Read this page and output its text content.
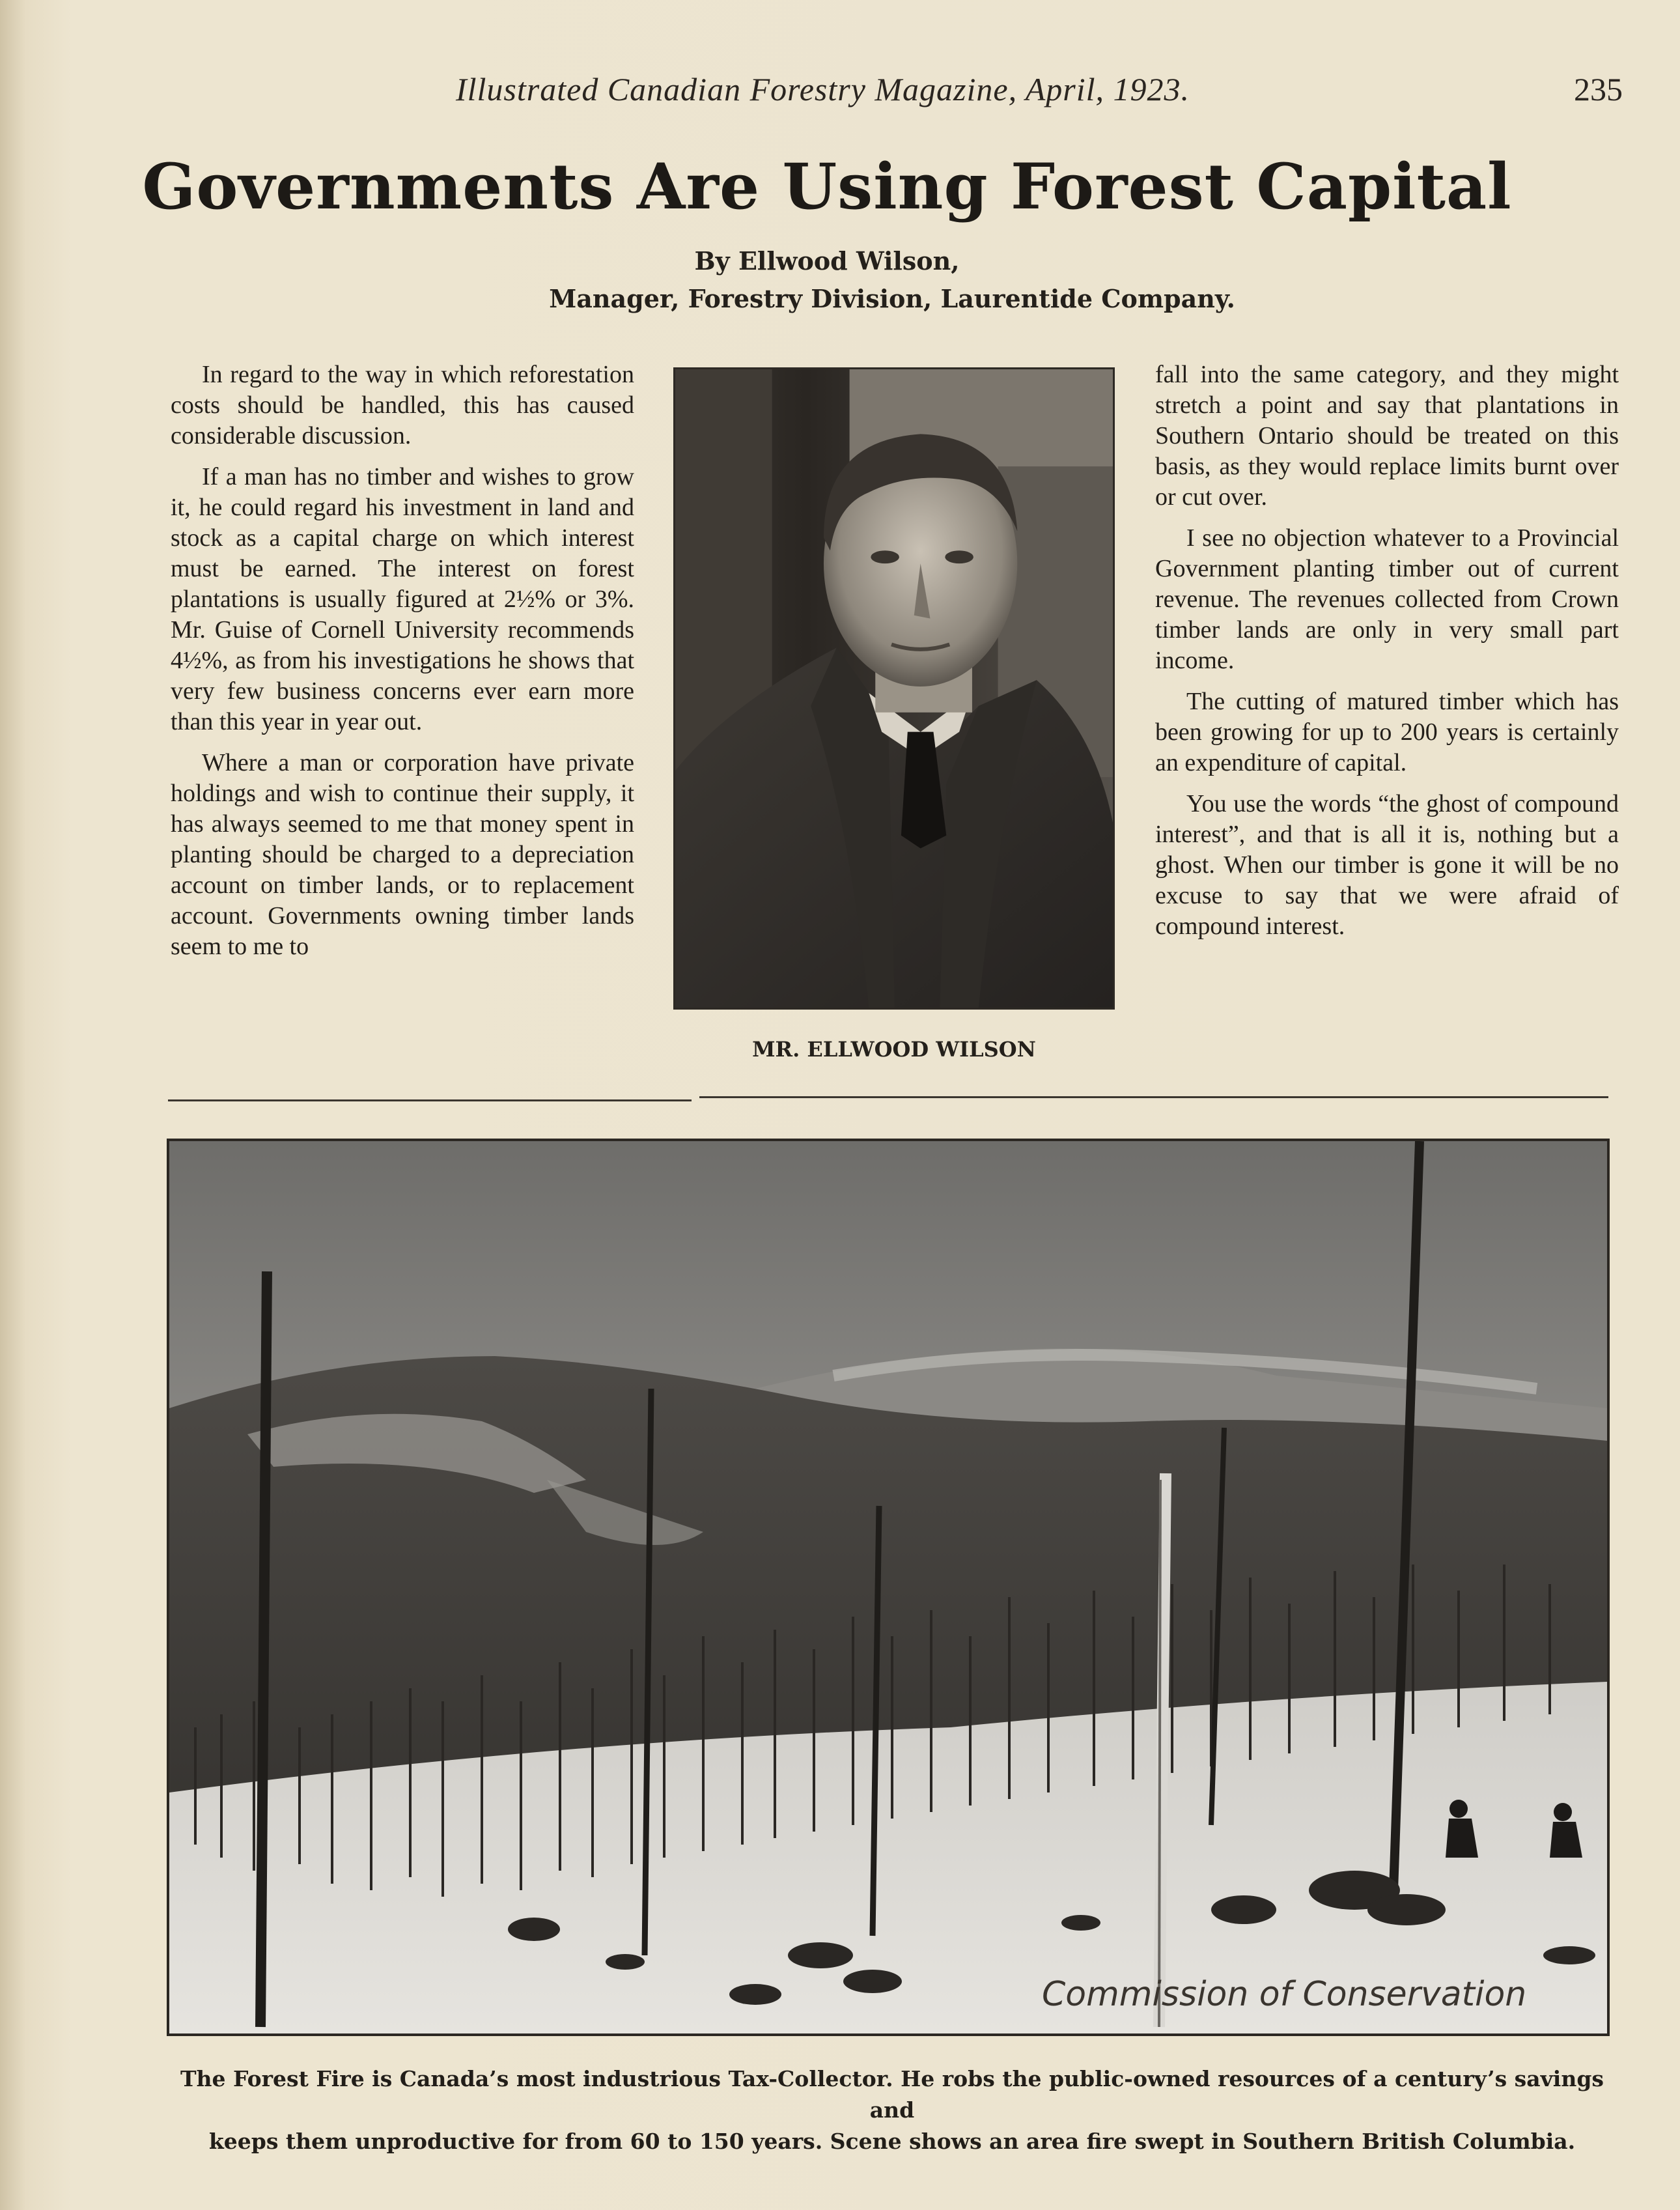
Illustrated Canadian Forestry Magazine, April, 1923.	235
Governments Are Using Forest Capital
By Ellwood Wilson,
Manager, Forestry Division, Laurentide Company.

In regard to the way in which reforestation costs should be handled, this has caused considerable discussion.

If a man has no timber and wishes to grow it, he could regard his investment in land and stock as a capital charge on which interest must be earned. The interest on forest plantations is usually figured at 2½% or 3%. Mr. Guise of Cornell University recommends 4½%, as from his investigations he shows that very few business concerns ever earn more than this year in year out.

Where a man or corporation have private holdings and wish to continue their supply, it has always seemed to me that money spent in planting should be charged to a depreciation account on timber lands, or to replacement account. Governments owning timber lands seem to me to

MR. ELLWOOD WILSON

fall into the same category, and they might stretch a point and say that plantations in Southern Ontario should be treated on this basis, as they would replace limits burnt over or cut over.

I see no objection whatever to a Provincial Government planting timber out of current revenue. The revenues collected from Crown timber lands are only in very small part income.

The cutting of matured timber which has been growing for up to 200 years is certainly an expenditure of capital.

You use the words “the ghost of compound interest”, and that is all it is, nothing but a ghost. When our timber is gone it will be no excuse to say that we were afraid of compound interest.

Commission of Conservation
The Forest Fire is Canada’s most industrious Tax-Collector. He robs the public-owned resources of a century’s savings and
keeps them unproductive for from 60 to 150 years. Scene shows an area fire swept in Southern British Columbia.
